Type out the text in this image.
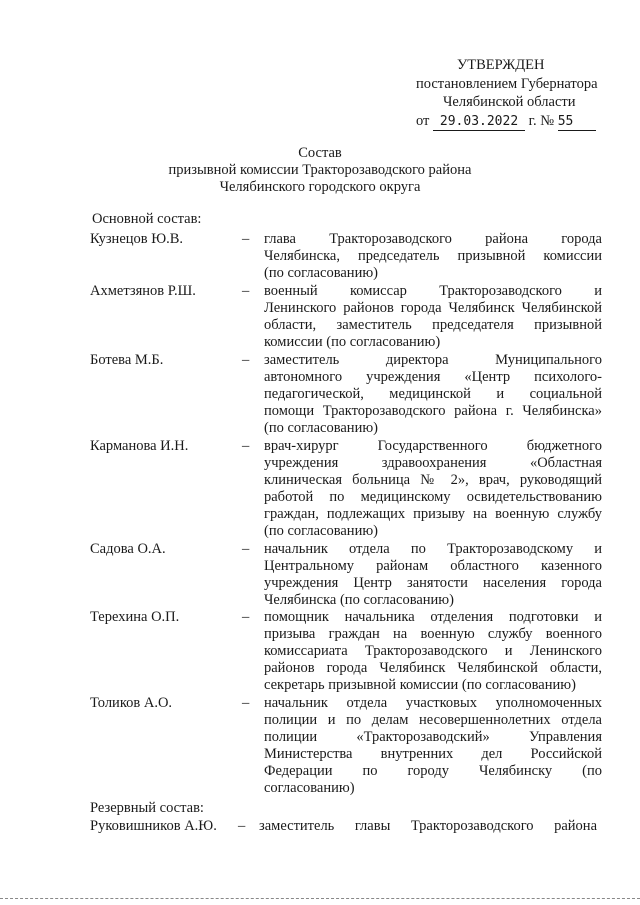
УТВЕРЖДЕН
постановлением Губернатора
Челябинской области
от 29.03.2022 г. № 55
Состав
призывной комиссии Тракторозаводского района
Челябинского городского округа
Основной состав:
Кузнецов Ю.В.	– глава Тракторозаводского района города
Челябинска, председатель призывной комиссии
(по согласованию)
Ахметзянов Р.Ш.	– военный комиссар Тракторозаводского и
Ленинского районов города Челябинск Челябинской
области, заместитель председателя призывной
комиссии (по согласованию)
Ботева М.Б.	– заместитель директора Муниципального
автономного учреждения «Центр психолого-
педагогической, медицинской и социальной
помощи Тракторозаводского района г. Челябинска»
(по согласованию)
Карманова И.Н.	– врач-хирург Государственного бюджетного
учреждения здравоохранения «Областная
клиническая больница № 2», врач, руководящий
работой по медицинскому освидетельствованию
граждан, подлежащих призыву на военную службу
(по согласованию)
Садова О.А.	– начальник отдела по Тракторозаводскому и
Центральному районам областного казенного
учреждения Центр занятости населения города
Челябинска (по согласованию)
Терехина О.П.	– помощник начальника отделения подготовки и
призыва граждан на военную службу военного
комиссариата Тракторозаводского и Ленинского
районов города Челябинск Челябинской области,
секретарь призывной комиссии (по согласованию)
Толиков А.О.	– начальник отдела участковых уполномоченных
полиции и по делам несовершеннолетних отдела
полиции «Тракторозаводский» Управления
Министерства внутренних дел Российской
Федерации по городу Челябинску (по
согласованию)
Резервный состав:
Руковишников А.Ю. – заместитель главы Тракторозаводского района
